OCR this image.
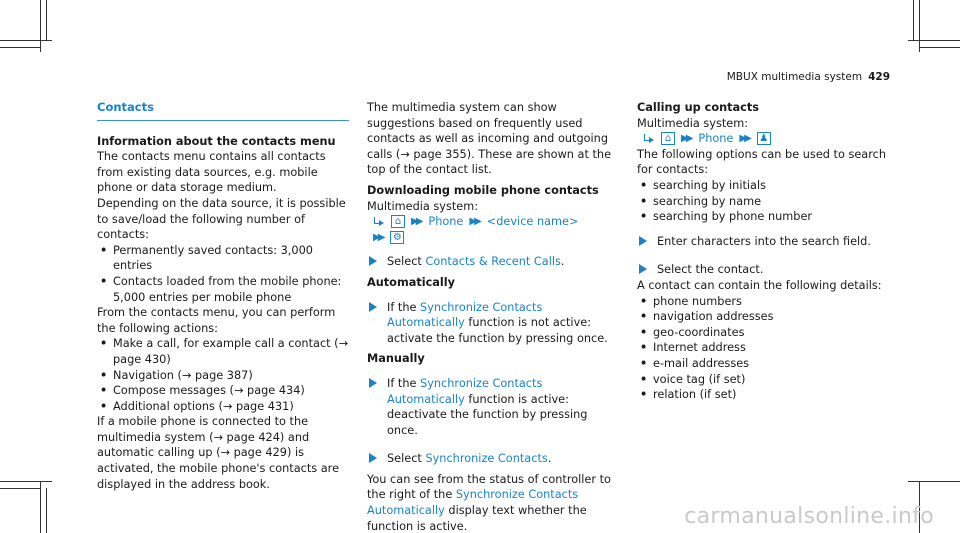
MBUX multimedia system 429
Contacts
Information about the contacts menu
The contacts menu contains all contacts from existing data sources, e.g. mobile phone or data storage medium.
Depending on the data source, it is possible to save/load the following number of contacts:
• Permanently saved contacts: 3,000 entries
• Contacts loaded from the mobile phone: 5,000 entries per mobile phone
From the contacts menu, you can perform the following actions:
• Make a call, for example call a contact (→ page 430)
• Navigation (→ page 387)
• Compose messages (→ page 434)
• Additional options (→ page 431)
If a mobile phone is connected to the multimedia system (→ page 424) and automatic calling up (→ page 429) is activated, the mobile phone's contacts are displayed in the address book.
The multimedia system can show suggestions based on frequently used contacts as well as incoming and outgoing calls (→ page 355). These are shown at the top of the contact list.
Downloading mobile phone contacts
Multimedia system:
⌂ ▶▶ Phone ▶▶ <device name>
▶▶ ⚙
Select Contacts & Recent Calls.
Automatically
If the Synchronize Contacts Automatically function is not active: activate the function by pressing once.
Manually
If the Synchronize Contacts Automatically function is active: deactivate the function by pressing once.
Select Synchronize Contacts.
You can see from the status of controller to the right of the Synchronize Contacts Automatically display text whether the function is active.
Calling up contacts
Multimedia system:
⌂ ▶▶ Phone ▶▶ ♟
The following options can be used to search for contacts:
• searching by initials
• searching by name
• searching by phone number
Enter characters into the search field.
Select the contact.
A contact can contain the following details:
• phone numbers
• navigation addresses
• geo-coordinates
• Internet address
• e-mail addresses
• voice tag (if set)
• relation (if set)
carmanualsonline.info
